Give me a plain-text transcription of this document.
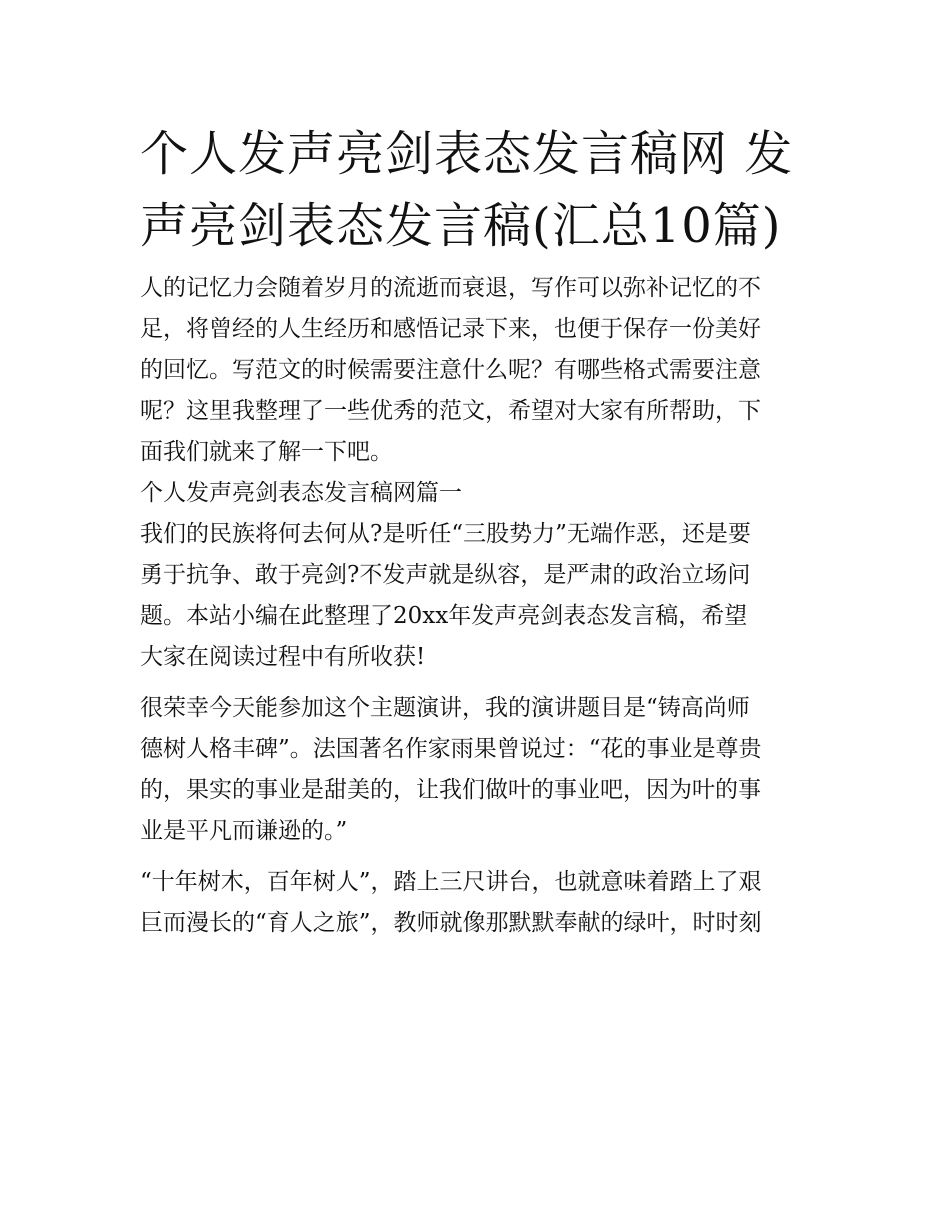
个人发声亮剑表态发言稿网 发声亮剑表态发言稿(汇总10篇)

人的记忆力会随着岁月的流逝而衰退，写作可以弥补记忆的不
足，将曾经的人生经历和感悟记录下来，也便于保存一份美好
的回忆。写范文的时候需要注意什么呢？有哪些格式需要注意
呢？这里我整理了一些优秀的范文，希望对大家有所帮助，下
面我们就来了解一下吧。

个人发声亮剑表态发言稿网篇一

我们的民族将何去何从?是听任“三股势力”无端作恶，还是要
勇于抗争、敢于亮剑?不发声就是纵容，是严肃的政治立场问
题。本站小编在此整理了20xx年发声亮剑表态发言稿，希望
大家在阅读过程中有所收获!

很荣幸今天能参加这个主题演讲，我的演讲题目是“铸高尚师
德树人格丰碑”。法国著名作家雨果曾说过：“花的事业是尊贵
的，果实的事业是甜美的，让我们做叶的事业吧，因为叶的事
业是平凡而谦逊的。”

“十年树木，百年树人”，踏上三尺讲台，也就意味着踏上了艰
巨而漫长的“育人之旅”，教师就像那默默奉献的绿叶，时时刻
